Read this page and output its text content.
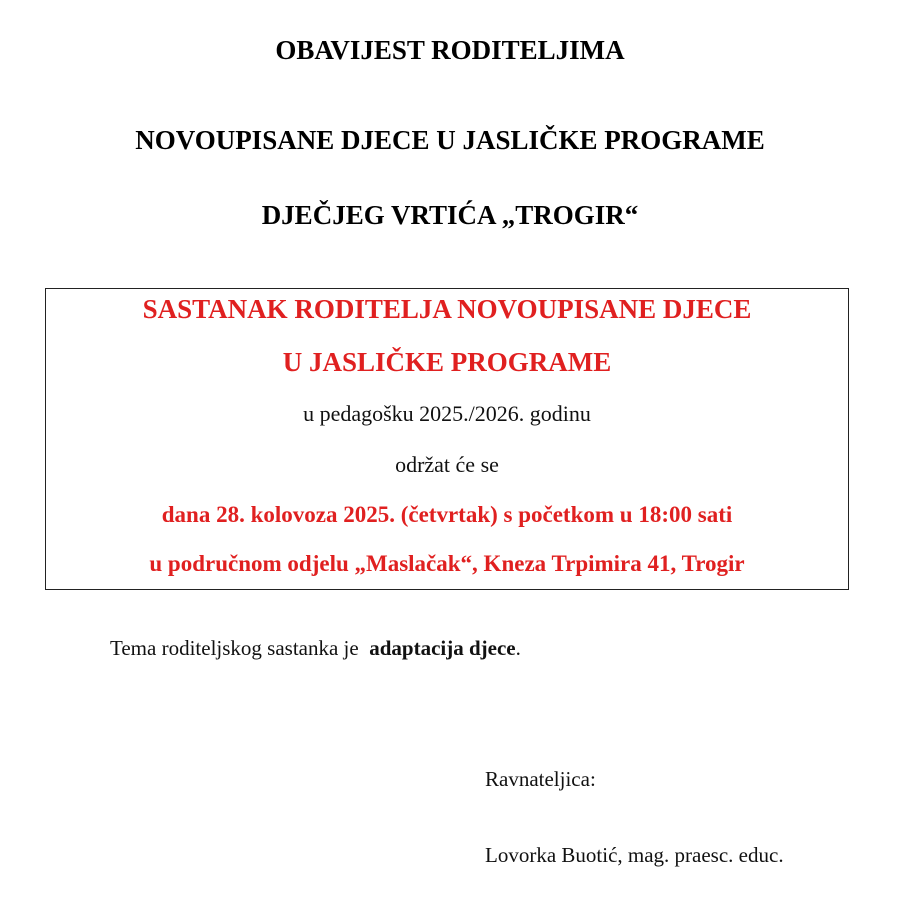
OBAVIJEST RODITELJIMA
NOVOUPISANE DJECE U JASLIČKE PROGRAME
DJEČJEG VRTIĆA „TROGIR“
SASTANAK RODITELJA NOVOUPISANE DJECE
U JASLIČKE PROGRAME
u pedagošku 2025./2026. godinu
održat će se
dana 28. kolovoza 2025. (četvrtak) s početkom u 18:00 sati
u područnom odjelu „Maslačak“, Kneza Trpimira 41, Trogir
Tema roditeljskog sastanka je adaptacija djece.
Ravnateljica:
Lovorka Buotić, mag. praesc. educ.
